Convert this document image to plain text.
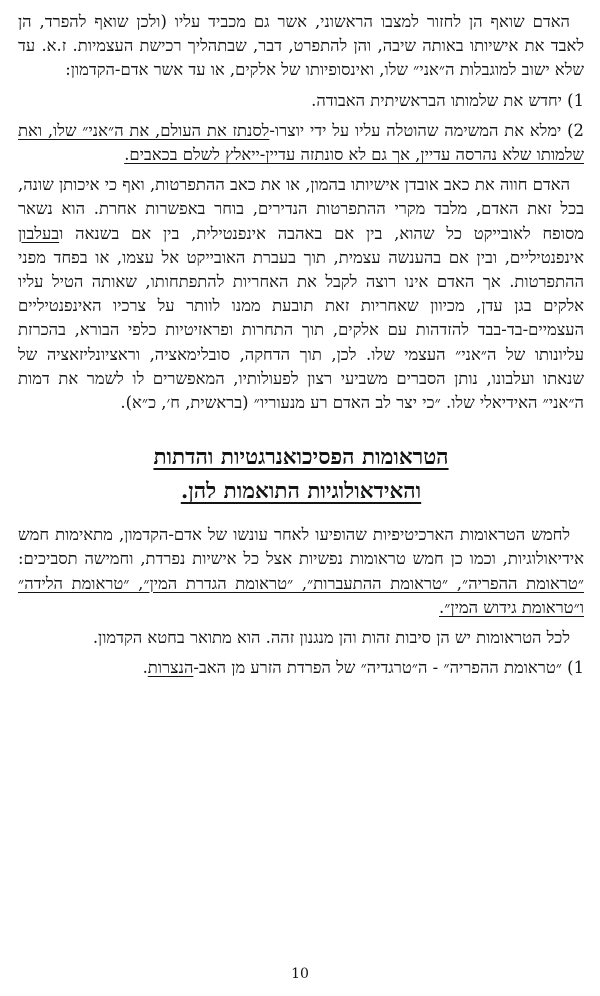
האדם שואף הן לחזור למצבו הראשוני, אשר גם מכביד עליו (ולכן שואף להפרד, הן לאבד את אישיותו באותה שיבה, והן להתפרט, דבר, שבתהליך רכישת העצמיות. ז.א. עד שלא ישוב למוגבלות ה״אני״ שלו, ואינסופיותו של אלקים, או עד אשר אדם-הקדמון:

1) יחדש את שלמותו הבראשיתית האבודה.

2) ימלא את המשימה שהוטלה עליו על ידי יוצרו-לסנתז את העולם, את ה״אני״ שלו, ואת שלמותו שלא נהרסה עדיין, אך גם לא סונתזה עדיין-ייאלץ לשלם בכאבים.

האדם חווה את כאב אובדן אישיותו בהמון, או את כאב ההתפרטות, ואף כי איכותן שונה, בכל זאת האדם, מלבד מקרי ההתפרטות הנדירים, בוחר באפשרות אחרת. הוא נשאר מסופח לאובייקט כל שהוא, בין אם באהבה אינפנטילית, בין אם בשנאה ובעלבון אינפנטיליים, ובין אם בהענשה עצמית, תוך בעברת האובייקט אל עצמו, או בפחד מפני ההתפרטות. אך האדם אינו רוצה לקבל את האחריות להתפתחותו, שאותה הטיל עליו אלקים בגן עדן, מכיוון שאחריות זאת תובעת ממנו לוותר על צרכיו האינפנטיליים העצמיים-בד-בבד להזדהות עם אלקים, תוך התחרות ופראזיטיות כלפי הבורא, בהכרזת עליונותו של ה״אני״ העצמי שלו. לכן, תוך הדחקה, סובלימאציה, וראציונליזאציה של שנאתו ועלבונו, נותן הסברים משביעי רצון לפעולותיו, המאפשרים לו לשמר את דמות ה״אני״ האידיאלי שלו. ״כי יצר לב האדם רע מנעוריו״ (בראשית, ח׳, כ״א).

הטראומות הפסיכואנרגטיות והדתות
והאידאולוגיות התואמות להן.

לחמש הטראומות הארכיטיפיות שהופיעו לאחר עונשו של אדם-הקדמון, מתאימות חמש אידיאולוגיות, וכמו כן חמש טראומות נפשיות אצל כל אישיות נפרדת, וחמישה תסביכים: ״טראומת ההפריה״, ״טראומת ההתעברות״, ״טראומת הגדרת המין״, ״טראומת הלידה״ ו״טראומת גידוש המין״.

לכל הטראומות יש הן סיבות זהות והן מנגנון זהה. הוא מתואר בחטא הקדמון.

1) ״טראומת ההפריה״ - ה״טרגדיה״ של הפרדת הזרע מן האב-הנצרות.

10
